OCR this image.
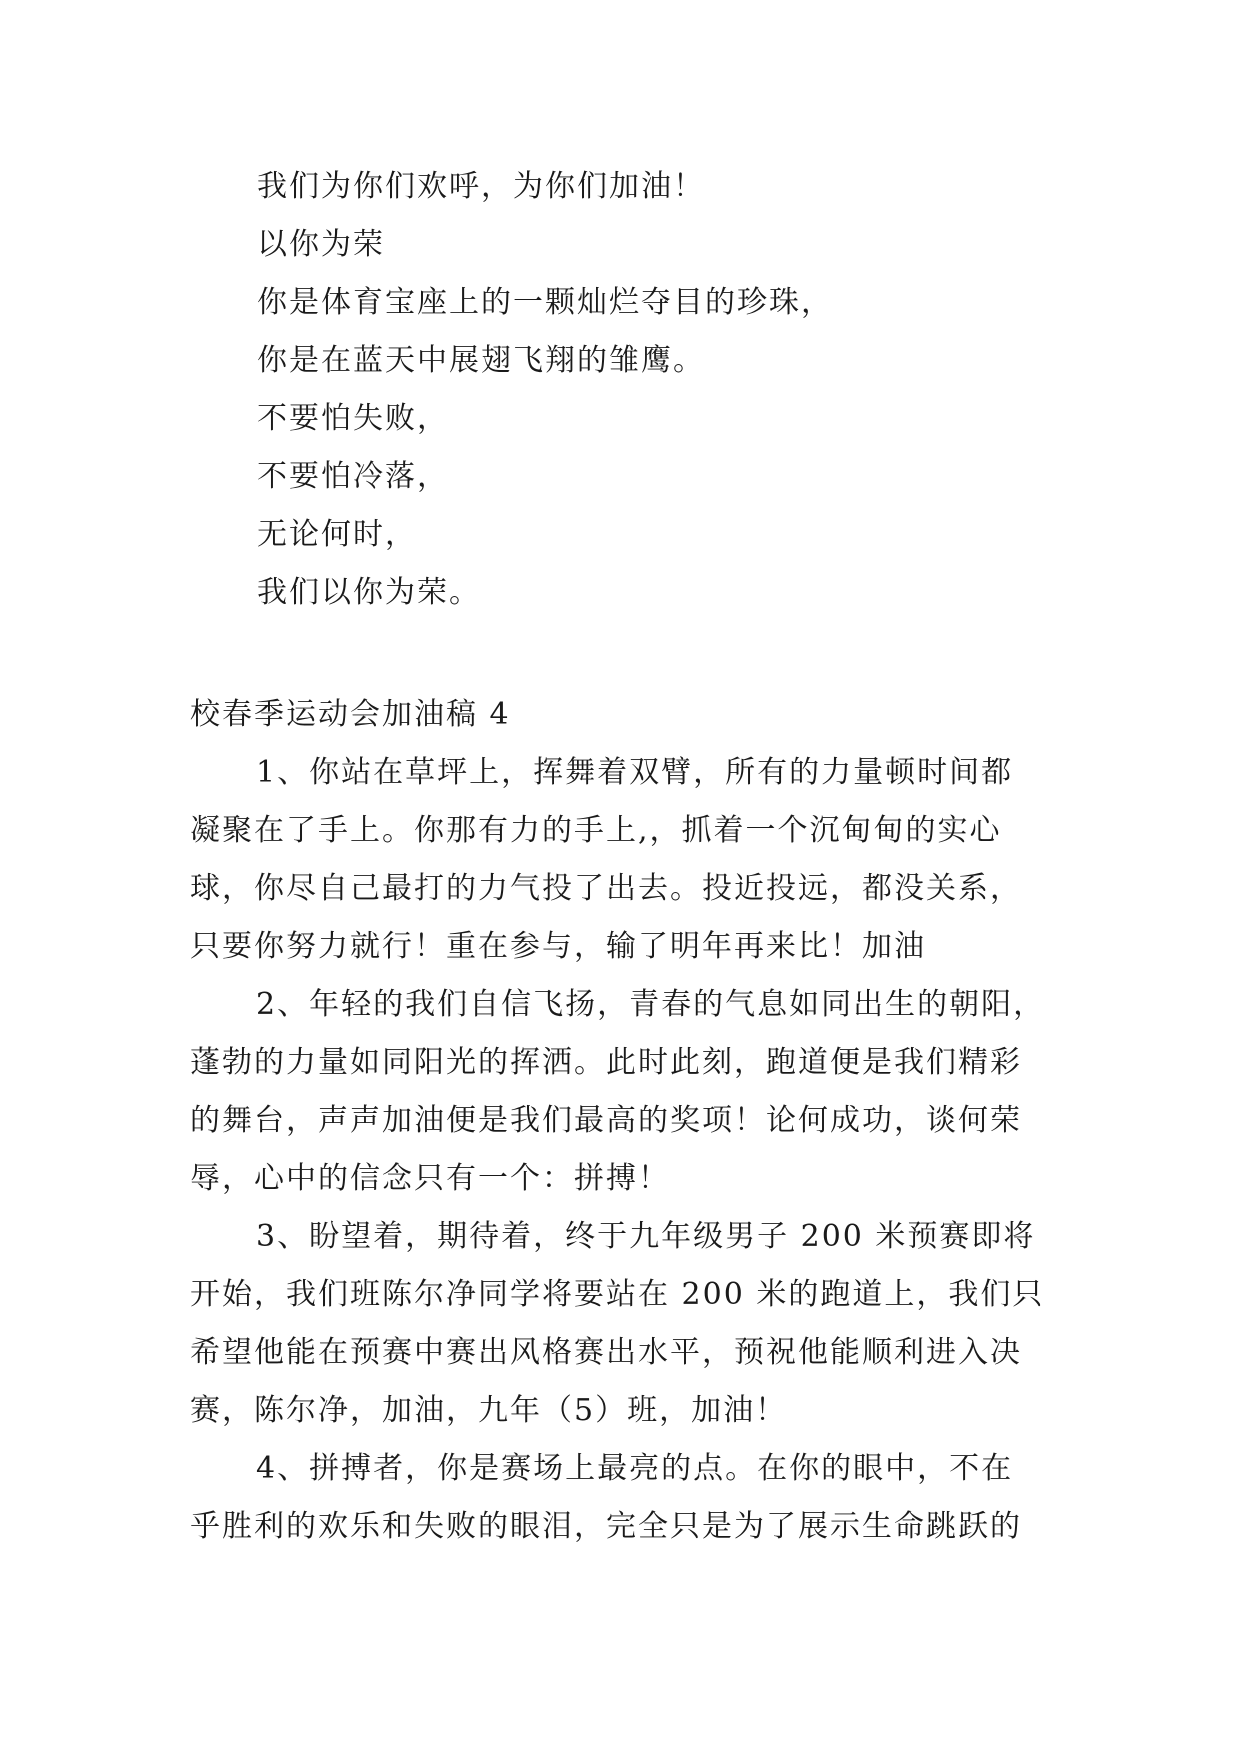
我们为你们欢呼，为你们加油！
以你为荣
你是体育宝座上的一颗灿烂夺目的珍珠，
你是在蓝天中展翅飞翔的雏鹰。
不要怕失败，
不要怕冷落，
无论何时，
我们以你为荣。
校春季运动会加油稿 4
1、你站在草坪上，挥舞着双臂，所有的力量顿时间都
凝聚在了手上。你那有力的手上,，抓着一个沉甸甸的实心
球，你尽自己最打的力气投了出去。投近投远，都没关系，
只要你努力就行！重在参与，输了明年再来比！加油
2、年轻的我们自信飞扬，青春的气息如同出生的朝阳，
蓬勃的力量如同阳光的挥洒。此时此刻，跑道便是我们精彩
的舞台，声声加油便是我们最高的奖项！论何成功，谈何荣
辱，心中的信念只有一个：拼搏！
3、盼望着，期待着，终于九年级男子 200 米预赛即将
开始，我们班陈尔净同学将要站在 200 米的跑道上，我们只
希望他能在预赛中赛出风格赛出水平，预祝他能顺利进入决
赛，陈尔净，加油，九年（5）班，加油！
4、拼搏者，你是赛场上最亮的点。在你的眼中，不在
乎胜利的欢乐和失败的眼泪，完全只是为了展示生命跳跃的
